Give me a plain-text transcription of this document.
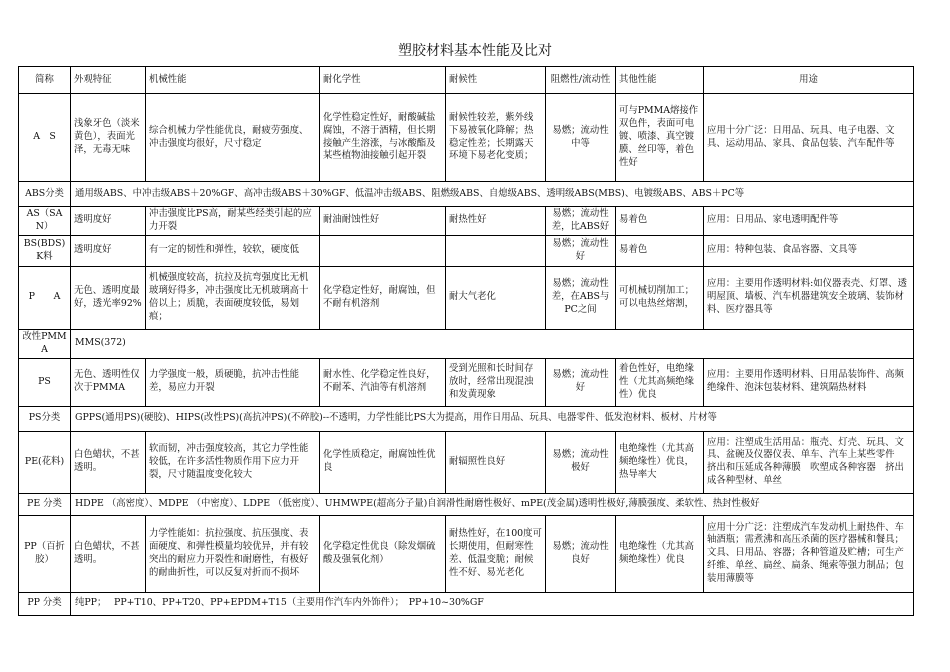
塑胶材料基本性能及比对
简称	外观特征	机械性能	耐化学性	耐候性	阻燃性/流动性	其他性能	用途
A　S	浅象牙色（淡米黄色），表面光泽，无毒无味	综合机械力学性能优良，耐疲劳强度、冲击强度均很好，尺寸稳定	化学性稳定性好，耐酸碱盐腐蚀，不溶于酒精，但长期接触产生溶涨，与冰酸酯及某些植物油接触引起开裂	耐候性较差，紫外线下易被氧化降解；热稳定性差；长期露天环境下易老化变质；	易燃；流动性中等	可与PMMA熔接作双色件，表面可电镀、喷漆、真空镀膜、丝印等，着色性好	应用十分广泛：日用品、玩具、电子电器、文具、运动用品、家具、食品包装、汽车配件等
ABS分类	通用级ABS、中冲击级ABS＋20%GF、高冲击级ABS＋30%GF、低温冲击级ABS、阻燃级ABS、自熄级ABS、透明级ABS(MBS)、电镀级ABS、ABS＋PC等						
AS（SAN）	透明度好	冲击强度比PS高，耐某些经类引起的应力开裂	耐油耐蚀性好	耐热性好	易燃；流动性差，比ABS好	易着色	应用：日用品、家电透明配件等
BS(BDS)K料	透明度好	有一定的韧性和弹性，较软，硬度低			易燃；流动性好	易着色	应用：特种包装、食品容器、文具等
P　　A	无色、透明度最好，透光率92%	机械强度较高，抗拉及抗弯强度比无机玻璃好得多，冲击强度比无机玻璃高十倍以上；质脆，表面硬度较低，易划痕；	化学稳定性好，耐腐蚀，但不耐有机溶剂	耐大气老化	易燃；流动性差，在ABS与PC之间	可机械切削加工；可以电热丝熔割，	应用：主要用作透明材料:如仪器表壳、灯罩、透明屋顶、墙板、汽车机器建筑安全玻璃、装饰材料、医疗器具等
改性PMMA	MMS(372)						
PS	无色、透明性仅次于PMMA	力学强度一般，质硬脆，抗冲击性能差，易应力开裂	耐水性、化学稳定性良好，不耐苯、汽油等有机溶剂	受到光照和长时间存放时，经常出现混浊和发黄现象	易燃；流动性好	着色性好，电绝缘性（尤其高频绝缘性）优良	应用：主要用作透明材料、日用品装饰件、高频绝缘件、泡沫包装材料、建筑隔热材料
PS分类	GPPS(通用PS)(硬胶)、HIPS(改性PS)(高抗冲PS)(不碎胶)--不透明，力学性能比PS大为提高，用作日用品、玩具、电器零件、低发泡材料、板材、片材等						
PE(花料)	白色蜡状，不甚透明。	软而韧，冲击强度较高，其它力学性能较低，在许多活性物质作用下应力开裂，尺寸随温度变化较大	化学性质稳定，耐腐蚀性优良	耐辐照性良好	易燃；流动性极好	电绝缘性（尤其高频绝缘性）优良，热导率大	应用：注塑成生活用品：瓶壳、灯壳、玩具、文具、盆碗及仪器仪表、单车、汽车上某些零件　挤出和压延成各种薄膜　吹塑成各种容器　挤出成各种型材、单丝
PE 分类	HDPE （高密度）、MDPE （中密度）、LDPE （低密度）、UHMWPE(超高分子量)自润滑性耐磨性极好、mPE(茂金属)透明性极好,薄膜强度、柔软性、热封性极好						
PP（百折胶）	白色蜡状，不甚透明。	力学性能如：抗拉强度、抗压强度、表面硬度、和弹性模量均较优异，并有较突出的耐应力开裂性和耐磨性，有极好的耐曲折性，可以反复对折而不损坏	化学稳定性优良（除发烟硫酸及强氧化剂）	耐热性好，在100度可长期使用，但耐寒性差、低温变脆；耐候性不好、易光老化	易燃；流动性良好	电绝缘性（尤其高频绝缘性）优良	应用十分广泛：注塑成汽车发动机上耐热件、车轴酒瓶；需煮沸和高压杀菌的医疗器械和餐具；文具、日用品、容器；各种管道及贮槽；可生产纤维、单丝、扁丝、扁条、绳索等强力制品；包装用薄膜等
PP 分类	纯PP；　 PP+T10、PP+T20、PP+EPDM+T15（主要用作汽车内外饰件）；　PP+10~30%GF						
